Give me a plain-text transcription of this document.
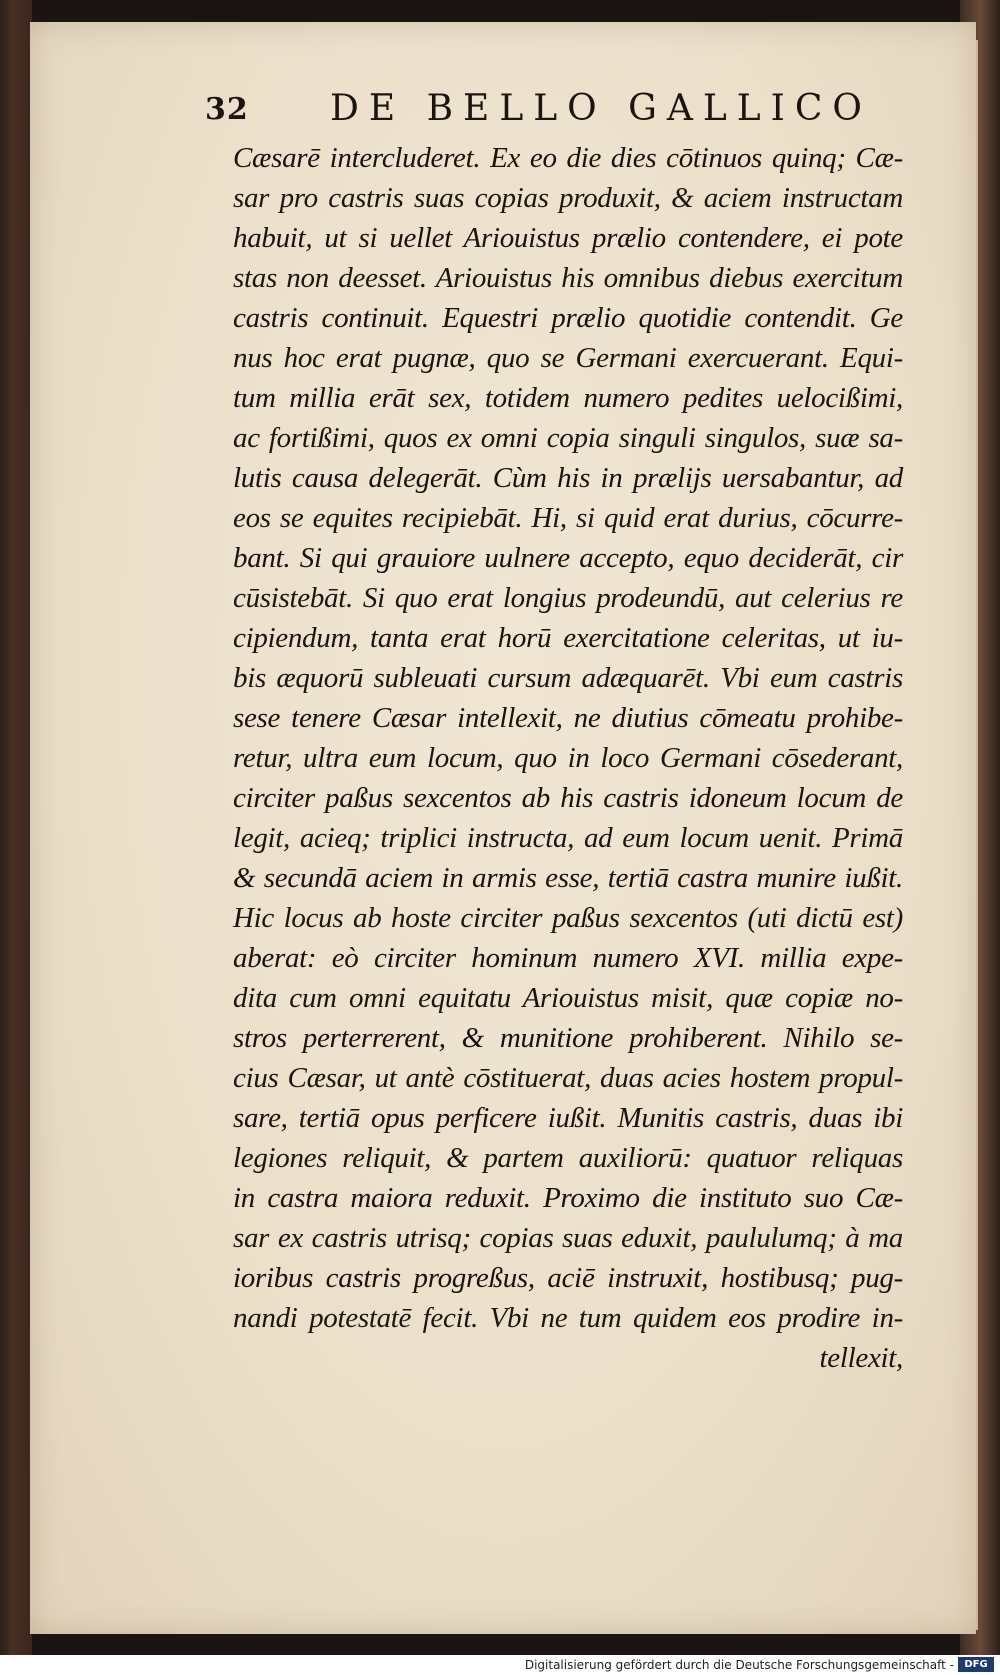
32 DE BELLO GALLICO
Cæsarē intercluderet. Ex eo die dies cōtinuos quinq; Cæ-
sar pro castris suas copias produxit, & aciem instructam
habuit, ut si uellet Ariouistus prælio contendere, ei pote
stas non deesset. Ariouistus his omnibus diebus exercitum
castris continuit. Equestri prælio quotidie contendit. Ge
nus hoc erat pugnæ, quo se Germani exercuerant. Equi-
tum millia erāt sex, totidem numero pedites uelocißimi,
ac fortißimi, quos ex omni copia singuli singulos, suæ sa-
lutis causa delegerāt. Cùm his in prælijs uersabantur, ad
eos se equites recipiebāt. Hi, si quid erat durius, cōcurre-
bant. Si qui grauiore uulnere accepto, equo deciderāt, cir
cūsistebāt. Si quo erat longius prodeundū, aut celerius re
cipiendum, tanta erat horū exercitatione celeritas, ut iu-
bis æquorū subleuati cursum adæquarēt. Vbi eum castris
sese tenere Cæsar intellexit, ne diutius cōmeatu prohibe-
retur, ultra eum locum, quo in loco Germani cōsederant,
circiter paßus sexcentos ab his castris idoneum locum de
legit, acieq; triplici instructa, ad eum locum uenit. Primā
& secundā aciem in armis esse, tertiā castra munire iußit.
Hic locus ab hoste circiter paßus sexcentos (uti dictū est)
aberat: eò circiter hominum numero XVI. millia expe-
dita cum omni equitatu Ariouistus misit, quæ copiæ no-
stros perterrerent, & munitione prohiberent. Nihilo se-
cius Cæsar, ut antè cōstituerat, duas acies hostem propul-
sare, tertiā opus perficere iußit. Munitis castris, duas ibi
legiones reliquit, & partem auxiliorū: quatuor reliquas
in castra maiora reduxit. Proximo die instituto suo Cæ-
sar ex castris utrisq; copias suas eduxit, paululumq; à ma
ioribus castris progreßus, aciē instruxit, hostibusq; pug-
nandi potestatē fecit. Vbi ne tum quidem eos prodire in-
tellexit,
Digitalisierung gefördert durch die Deutsche Forschungsgemeinschaft -	DFG
